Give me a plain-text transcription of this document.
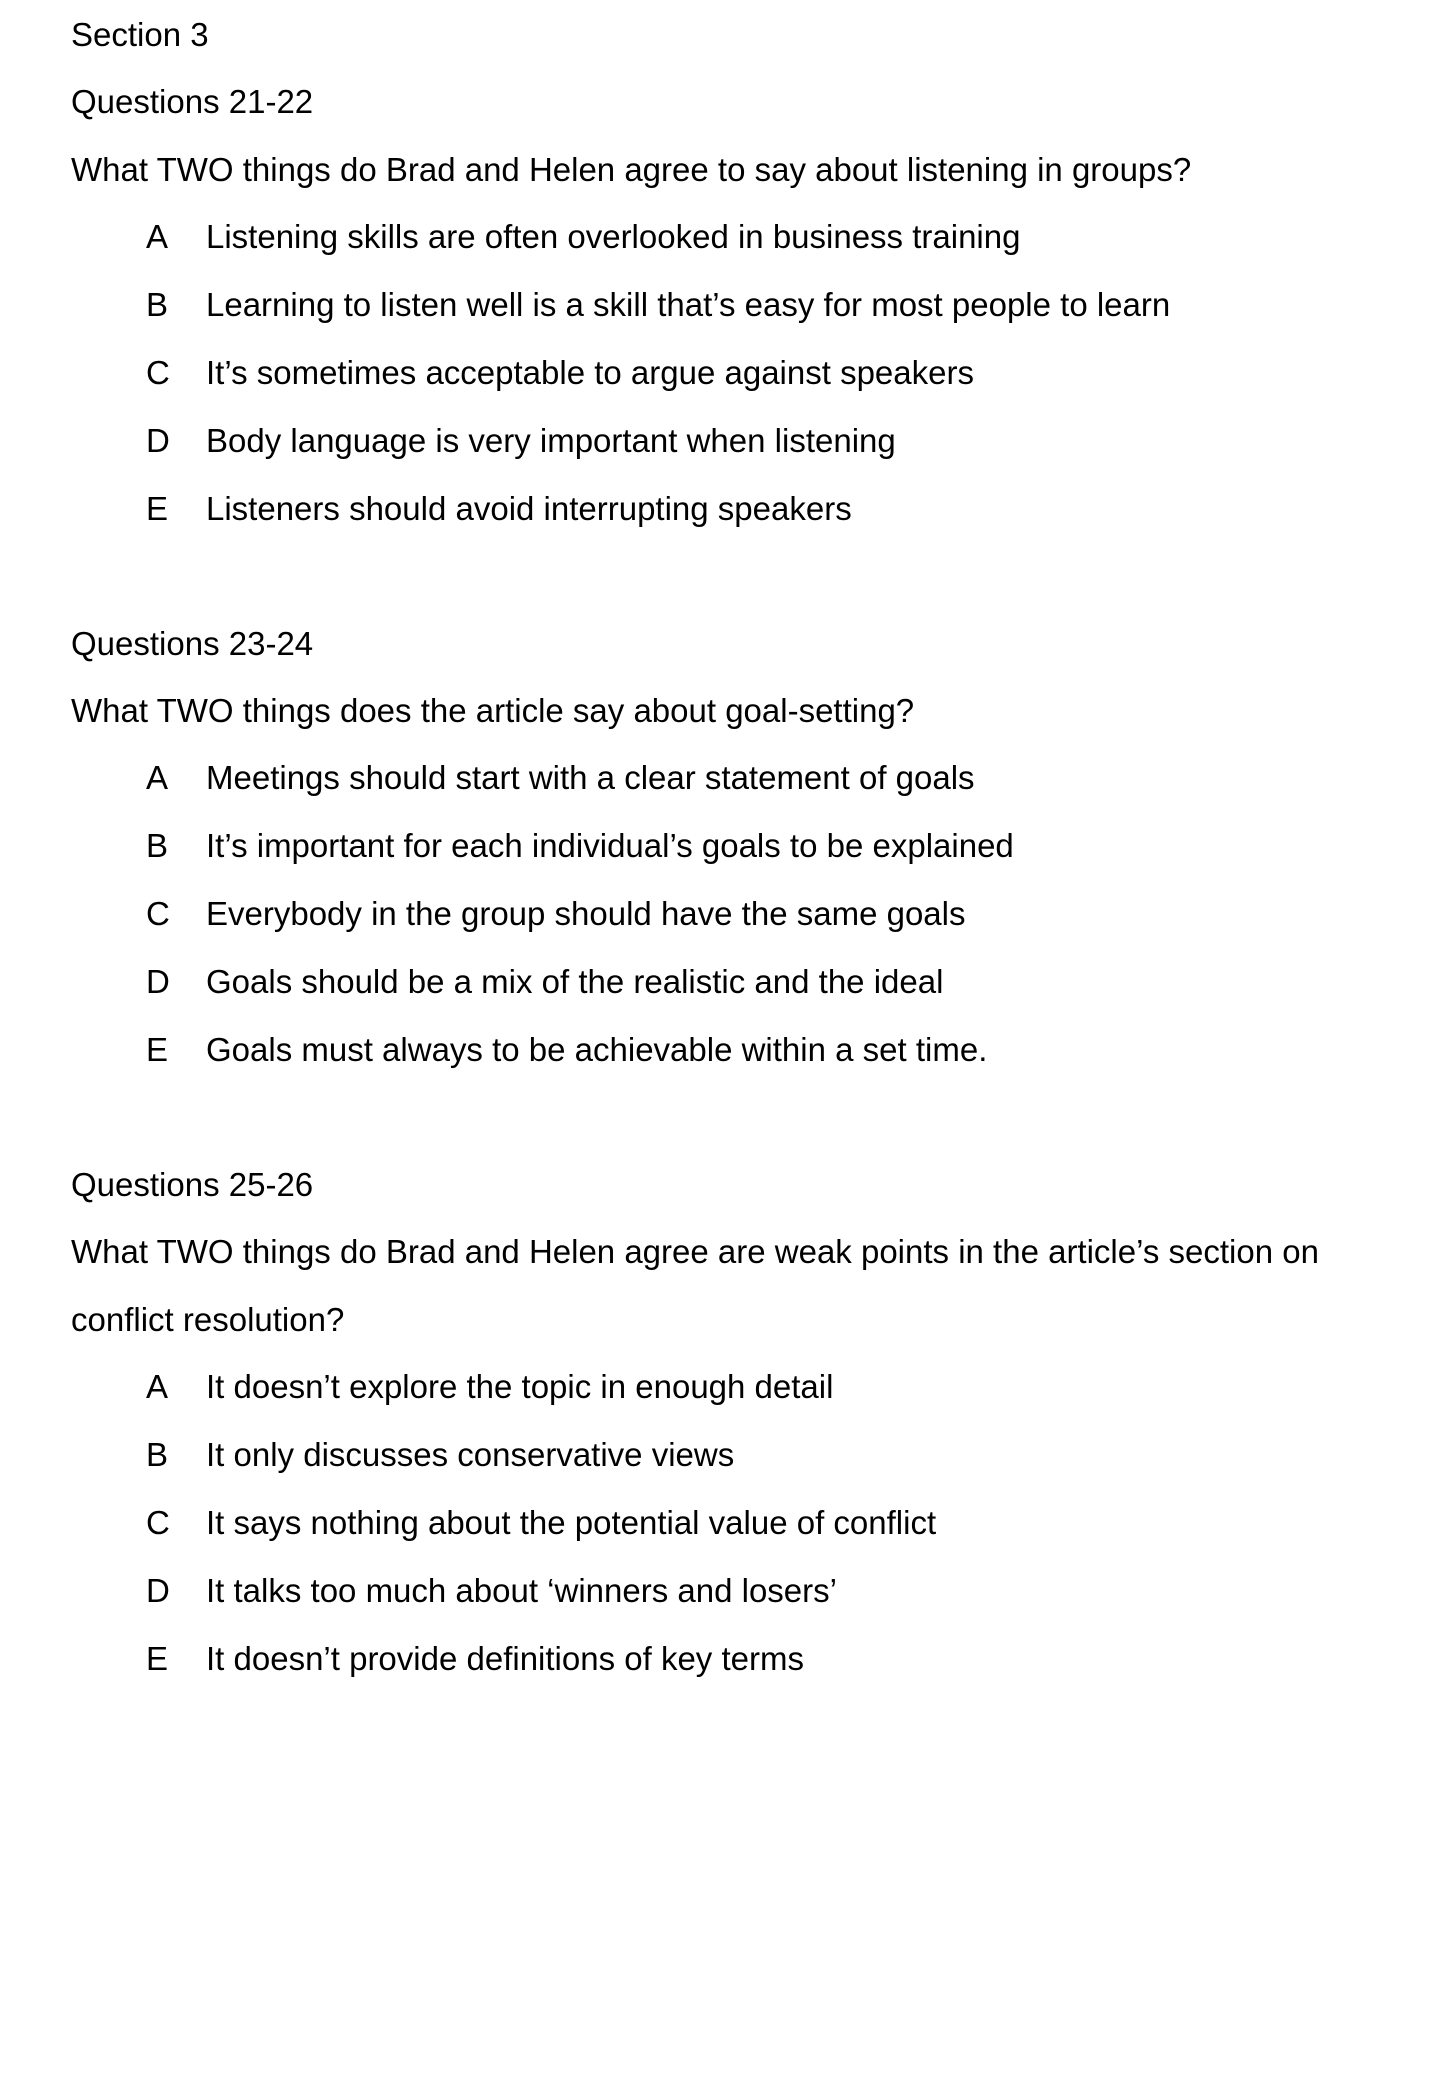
Section 3
Questions 21-22
What TWO things do Brad and Helen agree to say about listening in groups?
A Listening skills are often overlooked in business training
B Learning to listen well is a skill that’s easy for most people to learn
C It’s sometimes acceptable to argue against speakers
D Body language is very important when listening
E Listeners should avoid interrupting speakers
Questions 23-24
What TWO things does the article say about goal-setting?
A Meetings should start with a clear statement of goals
B It’s important for each individual’s goals to be explained
C Everybody in the group should have the same goals
D Goals should be a mix of the realistic and the ideal
E Goals must always to be achievable within a set time.
Questions 25-26
What TWO things do Brad and Helen agree are weak points in the article’s section on
conflict resolution?
A It doesn’t explore the topic in enough detail
B It only discusses conservative views
C It says nothing about the potential value of conflict
D It talks too much about ‘winners and losers’
E It doesn’t provide definitions of key terms
